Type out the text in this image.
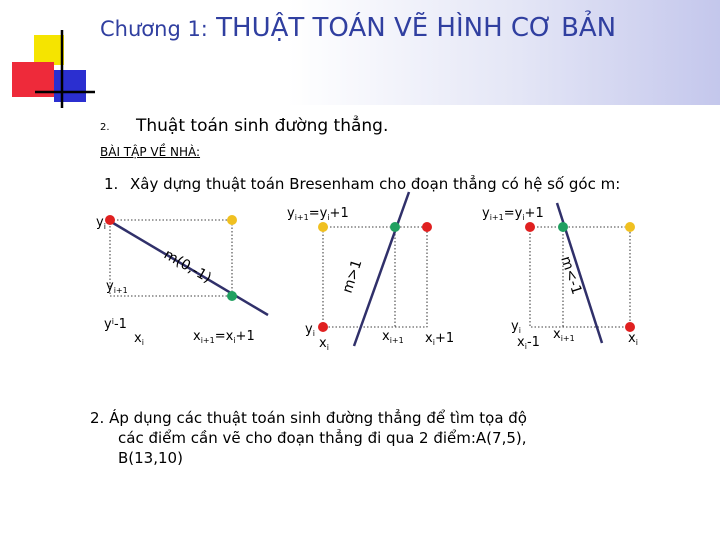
Chương 1: THUẬT TOÁN VẼ HÌNH CƠ BẢN
2. Thuật toán sinh đường thẳng.
BÀI TẬP VỀ NHÀ:
1. Xây dựng thuật toán Bresenham cho đoạn thẳng có hệ số góc m:
$y_i$
$y_{i+1}$
$y^i-1$
$x_i$	$x_{i+1}=x_i+1$
m(0,-1)
$y_{i+1}=y_i+1$
$y_i$
$x_i$
$x_{i+1}$ $x_i+1$
m>1
$y_{i+1}=y_i+1$
$y_i$
$x_i-1$
$x_{i+1}$	$x_i$
m<-1
2. Áp dụng các thuật toán sinh đường thẳng để tìm tọa độ
các điểm cần vẽ cho đoạn thẳng đi qua 2 điểm:A(7,5),
B(13,10)
